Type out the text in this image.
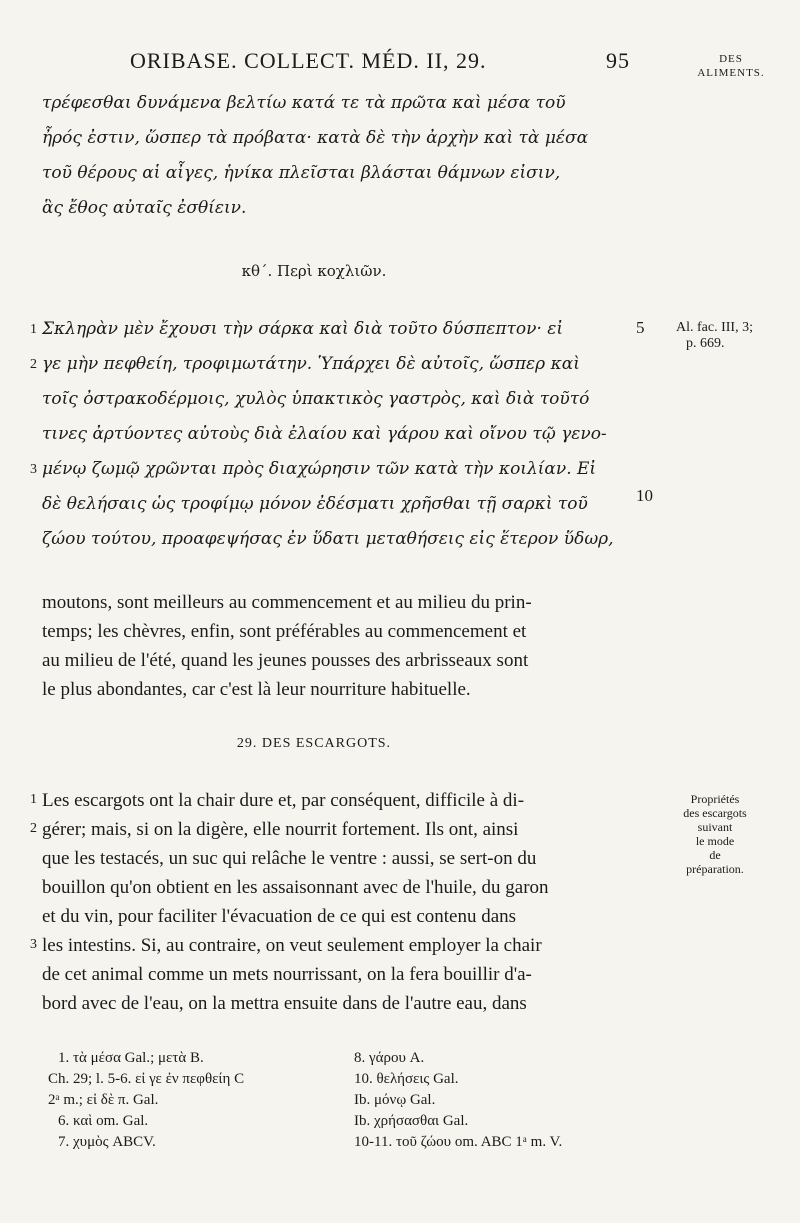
ORIBASE. COLLECT. MÉD. II, 29.	95	DES
ALIMENTS.
τρέφεσθαι δυνάμενα βελτίω κατά τε τὰ πρῶτα καὶ μέσα τοῦ
ἦρός ἐστιν, ὥσπερ τὰ πρόβατα· κατὰ δὲ τὴν ἀρχὴν καὶ τὰ μέσα
τοῦ θέρους αἱ αἶγες, ἡνίκα πλεῖσται βλάσται θάμνων εἰσιν,
ἃς ἔθος αὐταῖς ἐσθίειν.
κθ΄. Περὶ κοχλιῶν.
Σκληρὰν μὲν ἔχουσι τὴν σάρκα καὶ διὰ τοῦτο δύσπεπτον· εἰ
γε μὴν πεφθείη, τροφιμωτάτην. Ὑπάρχει δὲ αὐτοῖς, ὥσπερ καὶ
τοῖς ὀστρακοδέρμοις, χυλὸς ὑπακτικὸς γαστρὸς, καὶ διὰ τοῦτό
τινες ἀρτύοντες αὐτοὺς διὰ ἐλαίου καὶ γάρου καὶ οἴνου τῷ γενο-
μένῳ ζωμῷ χρῶνται πρὸς διαχώρησιν τῶν κατὰ τὴν κοιλίαν. Εἰ
δὲ θελήσαις ὡς τροφίμῳ μόνον ἐδέσματι χρῆσθαι τῇ σαρκὶ τοῦ
ζώου τούτου, προαφεψήσας ἐν ὕδατι μεταθήσεις εἰς ἕτερον ὕδωρ,
1
2
3
5
10
Al. fac. III, 3;
p. 669.
moutons, sont meilleurs au commencement et au milieu du prin-
temps; les chèvres, enfin, sont préférables au commencement et
au milieu de l'été, quand les jeunes pousses des arbrisseaux sont
le plus abondantes, car c'est là leur nourriture habituelle.
29. DES ESCARGOTS.
Les escargots ont la chair dure et, par conséquent, difficile à di-
gérer; mais, si on la digère, elle nourrit fortement. Ils ont, ainsi
que les testacés, un suc qui relâche le ventre : aussi, se sert-on du
bouillon qu'on obtient en les assaisonnant avec de l'huile, du garon
et du vin, pour faciliter l'évacuation de ce qui est contenu dans
les intestins. Si, au contraire, on veut seulement employer la chair
de cet animal comme un mets nourrissant, on la fera bouillir d'a-
bord avec de l'eau, on la mettra ensuite dans de l'autre eau, dans
1
2
3
Propriétés
des escargots
suivant
le mode
de
préparation.
1. τὰ μέσα Gal.; μετὰ B.
Ch. 29; l. 5-6. εἰ γε ἐν πεφθείη C
2ᵃ m.; εἰ δὲ π. Gal.
6. καὶ om. Gal.
7. χυμὸς ABCV.
8. γάρου A.
10. θελήσεις Gal.
Ib. μόνῳ Gal.
Ib. χρήσασθαι Gal.
10-11. τοῦ ζώου om. ABC 1ᵃ m. V.
